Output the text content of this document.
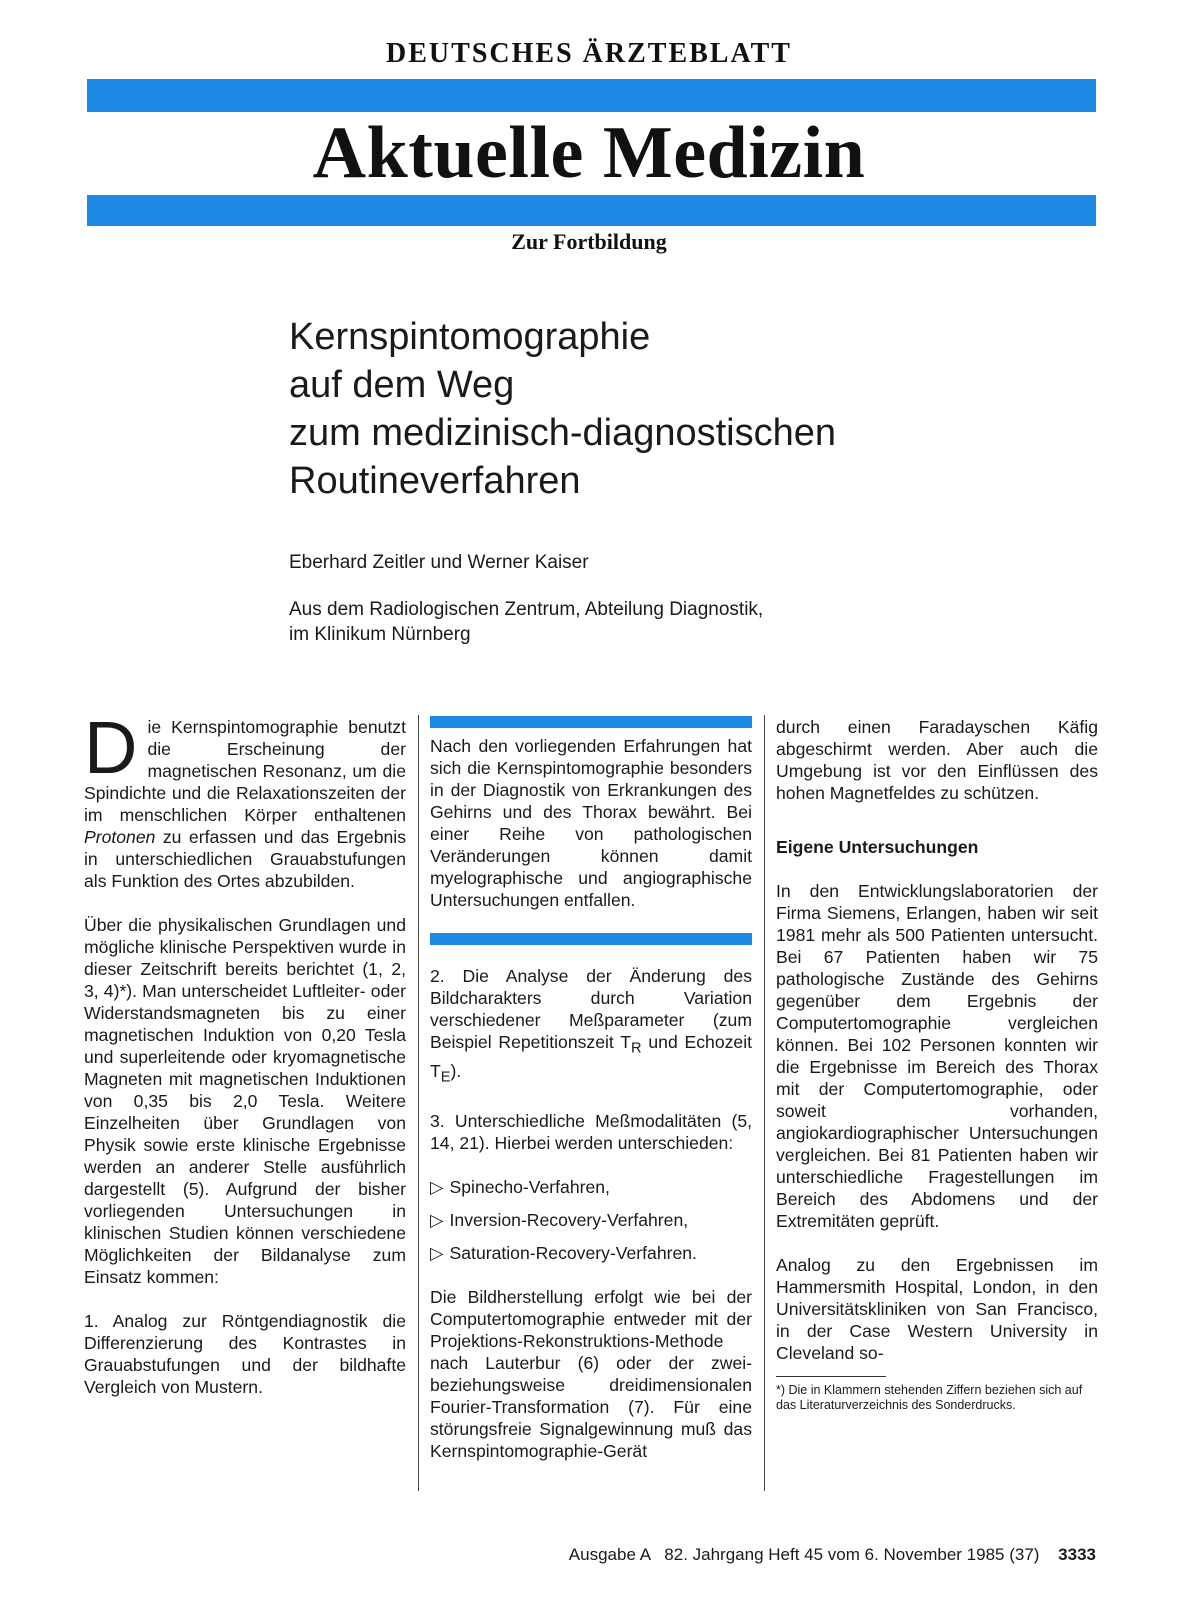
DEUTSCHES ÄRZTEBLATT
Aktuelle Medizin
Zur Fortbildung
Kernspintomographie
auf dem Weg
zum medizinisch-diagnostischen
Routineverfahren
Eberhard Zeitler und Werner Kaiser
Aus dem Radiologischen Zentrum, Abteilung Diagnostik,
im Klinikum Nürnberg

Die Kernspintomographie benutzt die Erscheinung der magnetischen Resonanz, um die Spindichte und die Relaxationszeiten der im menschlichen Körper enthaltenen Protonen zu erfassen und das Ergebnis in unterschiedlichen Grauabstufungen als Funktion des Ortes abzubilden.

Über die physikalischen Grundlagen und mögliche klinische Perspektiven wurde in dieser Zeitschrift bereits berichtet (1, 2, 3, 4)*). Man unterscheidet Luftleiter- oder Widerstandsmagneten bis zu einer magnetischen Induktion von 0,20 Tesla und superleitende oder kryomagnetische Magneten mit magnetischen Induktionen von 0,35 bis 2,0 Tesla. Weitere Einzelheiten über Grundlagen von Physik sowie erste klinische Ergebnisse werden an anderer Stelle ausführlich dargestellt (5). Aufgrund der bisher vorliegenden Untersuchungen in klinischen Studien können verschiedene Möglichkeiten der Bildanalyse zum Einsatz kommen:

1. Analog zur Röntgendiagnostik die Differenzierung des Kontrastes in Grauabstufungen und der bildhafte Vergleich von Mustern.

Nach den vorliegenden Erfahrungen hat sich die Kernspintomographie besonders in der Diagnostik von Erkrankungen des Gehirns und des Thorax bewährt. Bei einer Reihe von pathologischen Veränderungen können damit myelographische und angiographische Untersuchungen entfallen.

2. Die Analyse der Änderung des Bildcharakters durch Variation verschiedener Meßparameter (zum Beispiel Repetitionszeit $T_R$ und Echozeit $T_E$).

3. Unterschiedliche Meßmodalitäten (5, 14, 21). Hierbei werden unterschieden:

▷ Spinecho-Verfahren,

▷ Inversion-Recovery-Verfahren,

▷ Saturation-Recovery-Verfahren.

Die Bildherstellung erfolgt wie bei der Computertomographie entweder mit der Projektions-Rekonstruktions-Methode nach Lauterbur (6) oder der zwei- beziehungsweise dreidimensionalen Fourier-Transformation (7). Für eine störungsfreie Signalgewinnung muß das Kernspintomographie-Gerät

durch einen Faradayschen Käfig abgeschirmt werden. Aber auch die Umgebung ist vor den Einflüssen des hohen Magnetfeldes zu schützen.

Eigene Untersuchungen

In den Entwicklungslaboratorien der Firma Siemens, Erlangen, haben wir seit 1981 mehr als 500 Patienten untersucht. Bei 67 Patienten haben wir 75 pathologische Zustände des Gehirns gegenüber dem Ergebnis der Computertomographie vergleichen können. Bei 102 Personen konnten wir die Ergebnisse im Bereich des Thorax mit der Computertomographie, oder soweit vorhanden, angiokardiographischer Untersuchungen vergleichen. Bei 81 Patienten haben wir unterschiedliche Fragestellungen im Bereich des Abdomens und der Extremitäten geprüft.

Analog zu den Ergebnissen im Hammersmith Hospital, London, in den Universitätskliniken von San Francisco, in der Case Western University in Cleveland so-

*) Die in Klammern stehenden Ziffern beziehen sich auf das Literaturverzeichnis des Sonderdrucks.
Ausgabe A 82. Jahrgang Heft 45 vom 6. November 1985 (37) 3333
